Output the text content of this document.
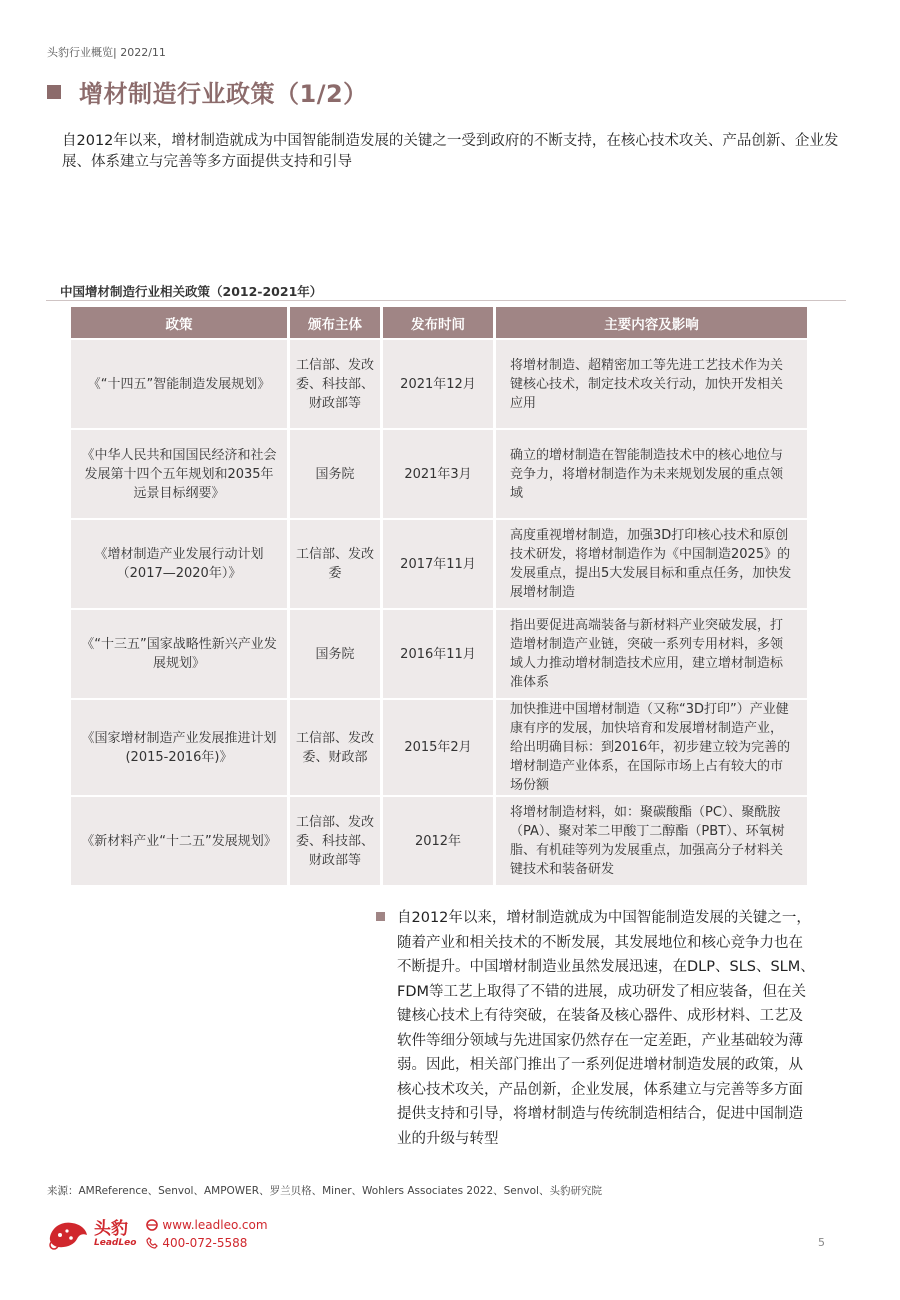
头豹行业概览| 2022/11
增材制造行业政策（1/2）
自2012年以来，增材制造就成为中国智能制造发展的关键之一受到政府的不断支持，在核心技术攻关、产品创新、企业发展、体系建立与完善等多方面提供支持和引导
中国增材制造行业相关政策（2012-2021年）
政策	颁布主体	发布时间	主要内容及影响
《“十四五”智能制造发展规划》	工信部、发改委、科技部、财政部等	2021年12月	将增材制造、超精密加工等先进工艺技术作为关键核心技术，制定技术攻关行动，加快开发相关应用
《中华人民共和国国民经济和社会发展第十四个五年规划和2035年远景目标纲要》	国务院	2021年3月	确立的增材制造在智能制造技术中的核心地位与竞争力，将增材制造作为未来规划发展的重点领域
《增材制造产业发展行动计划（2017—2020年）》	工信部、发改委	2017年11月	高度重视增材制造，加强3D打印核心技术和原创技术研发，将增材制造作为《中国制造2025》的发展重点，提出5大发展目标和重点任务，加快发展增材制造
《“十三五”国家战略性新兴产业发展规划》	国务院	2016年11月	指出要促进高端装备与新材料产业突破发展，打造增材制造产业链，突破一系列专用材料，多领域人力推动增材制造技术应用，建立增材制造标准体系
《国家增材制造产业发展推进计划(2015-2016年)》	工信部、发改委、财政部	2015年2月	加快推进中国增材制造（又称“3D打印”）产业健康有序的发展，加快培育和发展增材制造产业，给出明确目标：到2016年，初步建立较为完善的增材制造产业体系，在国际市场上占有较大的市场份额
《新材料产业“十二五”发展规划》	工信部、发改委、科技部、财政部等	2012年	将增材制造材料，如：聚碳酸酯（PC）、聚酰胺（PA）、聚对苯二甲酸丁二醇酯（PBT）、环氧树脂、有机硅等列为发展重点，加强高分子材料关键技术和装备研发
自2012年以来，增材制造就成为中国智能制造发展的关键之一，随着产业和相关技术的不断发展，其发展地位和核心竞争力也在不断提升。中国增材制造业虽然发展迅速，在DLP、SLS、SLM、FDM等工艺上取得了不错的进展，成功研发了相应装备，但在关键核心技术上有待突破，在装备及核心器件、成形材料、工艺及软件等细分领域与先进国家仍然存在一定差距，产业基础较为薄弱。因此，相关部门推出了一系列促进增材制造发展的政策，从核心技术攻关，产品创新，企业发展，体系建立与完善等多方面提供支持和引导，将增材制造与传统制造相结合，促进中国制造业的升级与转型
来源：AMReference、Senvol、AMPOWER、罗兰贝格、Miner、Wohlers Associates 2022、Senvol、头豹研究院
头豹
LeadLeo
www.leadleo.com
400-072-5588	5
